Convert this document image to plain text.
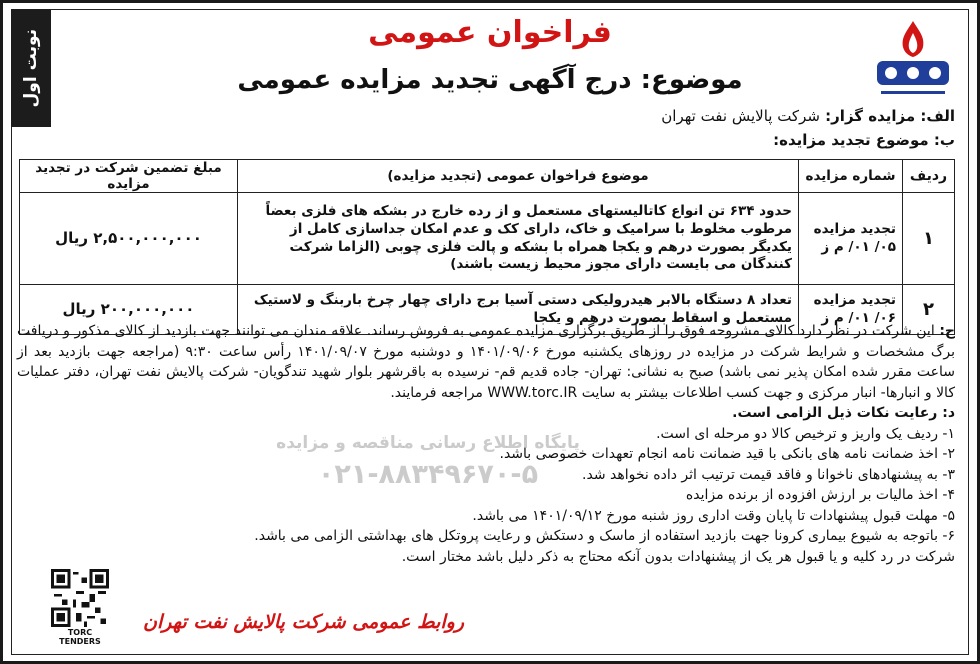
نوبت اول	فراخوان عمومی
موضوع: درج آگهی تجدید مزایده عمومی
الف: مزایده گزار: شرکت پالایش نفت تهران
ب: موضوع تجدید مزایده:
ردیف	شماره مزایده	موضوع فراخوان عمومی (تجدید مزایده)	مبلغ تضمین شرکت در تجدید مزایده
۱	تجدید مزایده ۰۵/ ۰۱/ م ز	حدود ۶۳۴ تن انواع کاتالیستهای مستعمل و از رده خارج در بشکه های فلزی بعضاً مرطوب مخلوط با سرامیک و خاک، دارای کک و عدم امکان جداسازی کامل از یکدیگر بصورت درهم و یکجا همراه با بشکه و پالت فلزی چوبی (الزاما شرکت کنندگان می بایست دارای مجوز محیط زیست باشند)	۲,۵۰۰,۰۰۰,۰۰۰ ریال
۲	تجدید مزایده ۰۶/ ۰۱/ م ز	تعداد ۸ دستگاه بالابر هیدرولیکی دستی آسیا برج دارای چهار چرخ باربنگ و لاستیک مستعمل و اسقاط بصورت درهم و یکجا	۲۰۰,۰۰۰,۰۰۰ ریال

ج: این شرکت در نظر دارد کالای مشروحه فوق را از طریق برگزاری مزایده عمومی به فروش رساند. علاقه مندان می توانند جهت بازدید از کالای مذکور و دریافت برگ مشخصات و شرایط شرکت در مزایده در روزهای یکشنبه مورخ ۱۴۰۱/۰۹/۰۶ و دوشنبه مورخ ۱۴۰۱/۰۹/۰۷ رأس ساعت ۹:۳۰ (مراجعه جهت بازدید بعد از ساعت مقرر شده امکان پذیر نمی باشد) صبح به نشانی: تهران- جاده قدیم قم- نرسیده به باقرشهر بلوار شهید تندگویان- شرکت پالایش نفت تهران، دفتر عملیات کالا و انبارها- انبار مرکزی و جهت کسب اطلاعات بیشتر به سایت WWW.torc.IR مراجعه فرمایند.

د: رعایت نکات ذیل الزامی است.

۱- ردیف یک واریز و ترخیص کالا دو مرحله ای است.

۲- اخذ ضمانت نامه های بانکی با قید ضمانت نامه انجام تعهدات خصوصی باشد.

۳- به پیشنهادهای ناخوانا و فاقد قیمت ترتیب اثر داده نخواهد شد.

۴- اخذ مالیات بر ارزش افزوده از برنده مزایده

۵- مهلت قبول پیشنهادات تا پایان وقت اداری روز شنبه مورخ ۱۴۰۱/۰۹/۱۲ می باشد.

۶- باتوجه به شیوع بیماری کرونا جهت بازدید استفاده از ماسک و دستکش و رعایت پروتکل های بهداشتی الزامی می باشد.

شرکت در رد کلیه و یا قبول هر یک از پیشنهادات بدون آنکه محتاج به ذکر دلیل باشد مختار است.

پایگاه اطلاع رسانی مناقصه و مزایده
۰۲۱-۸۸۳۴۹۶۷۰-۵
TORC TENDERS
روابط عمومی شرکت پالایش نفت تهران
